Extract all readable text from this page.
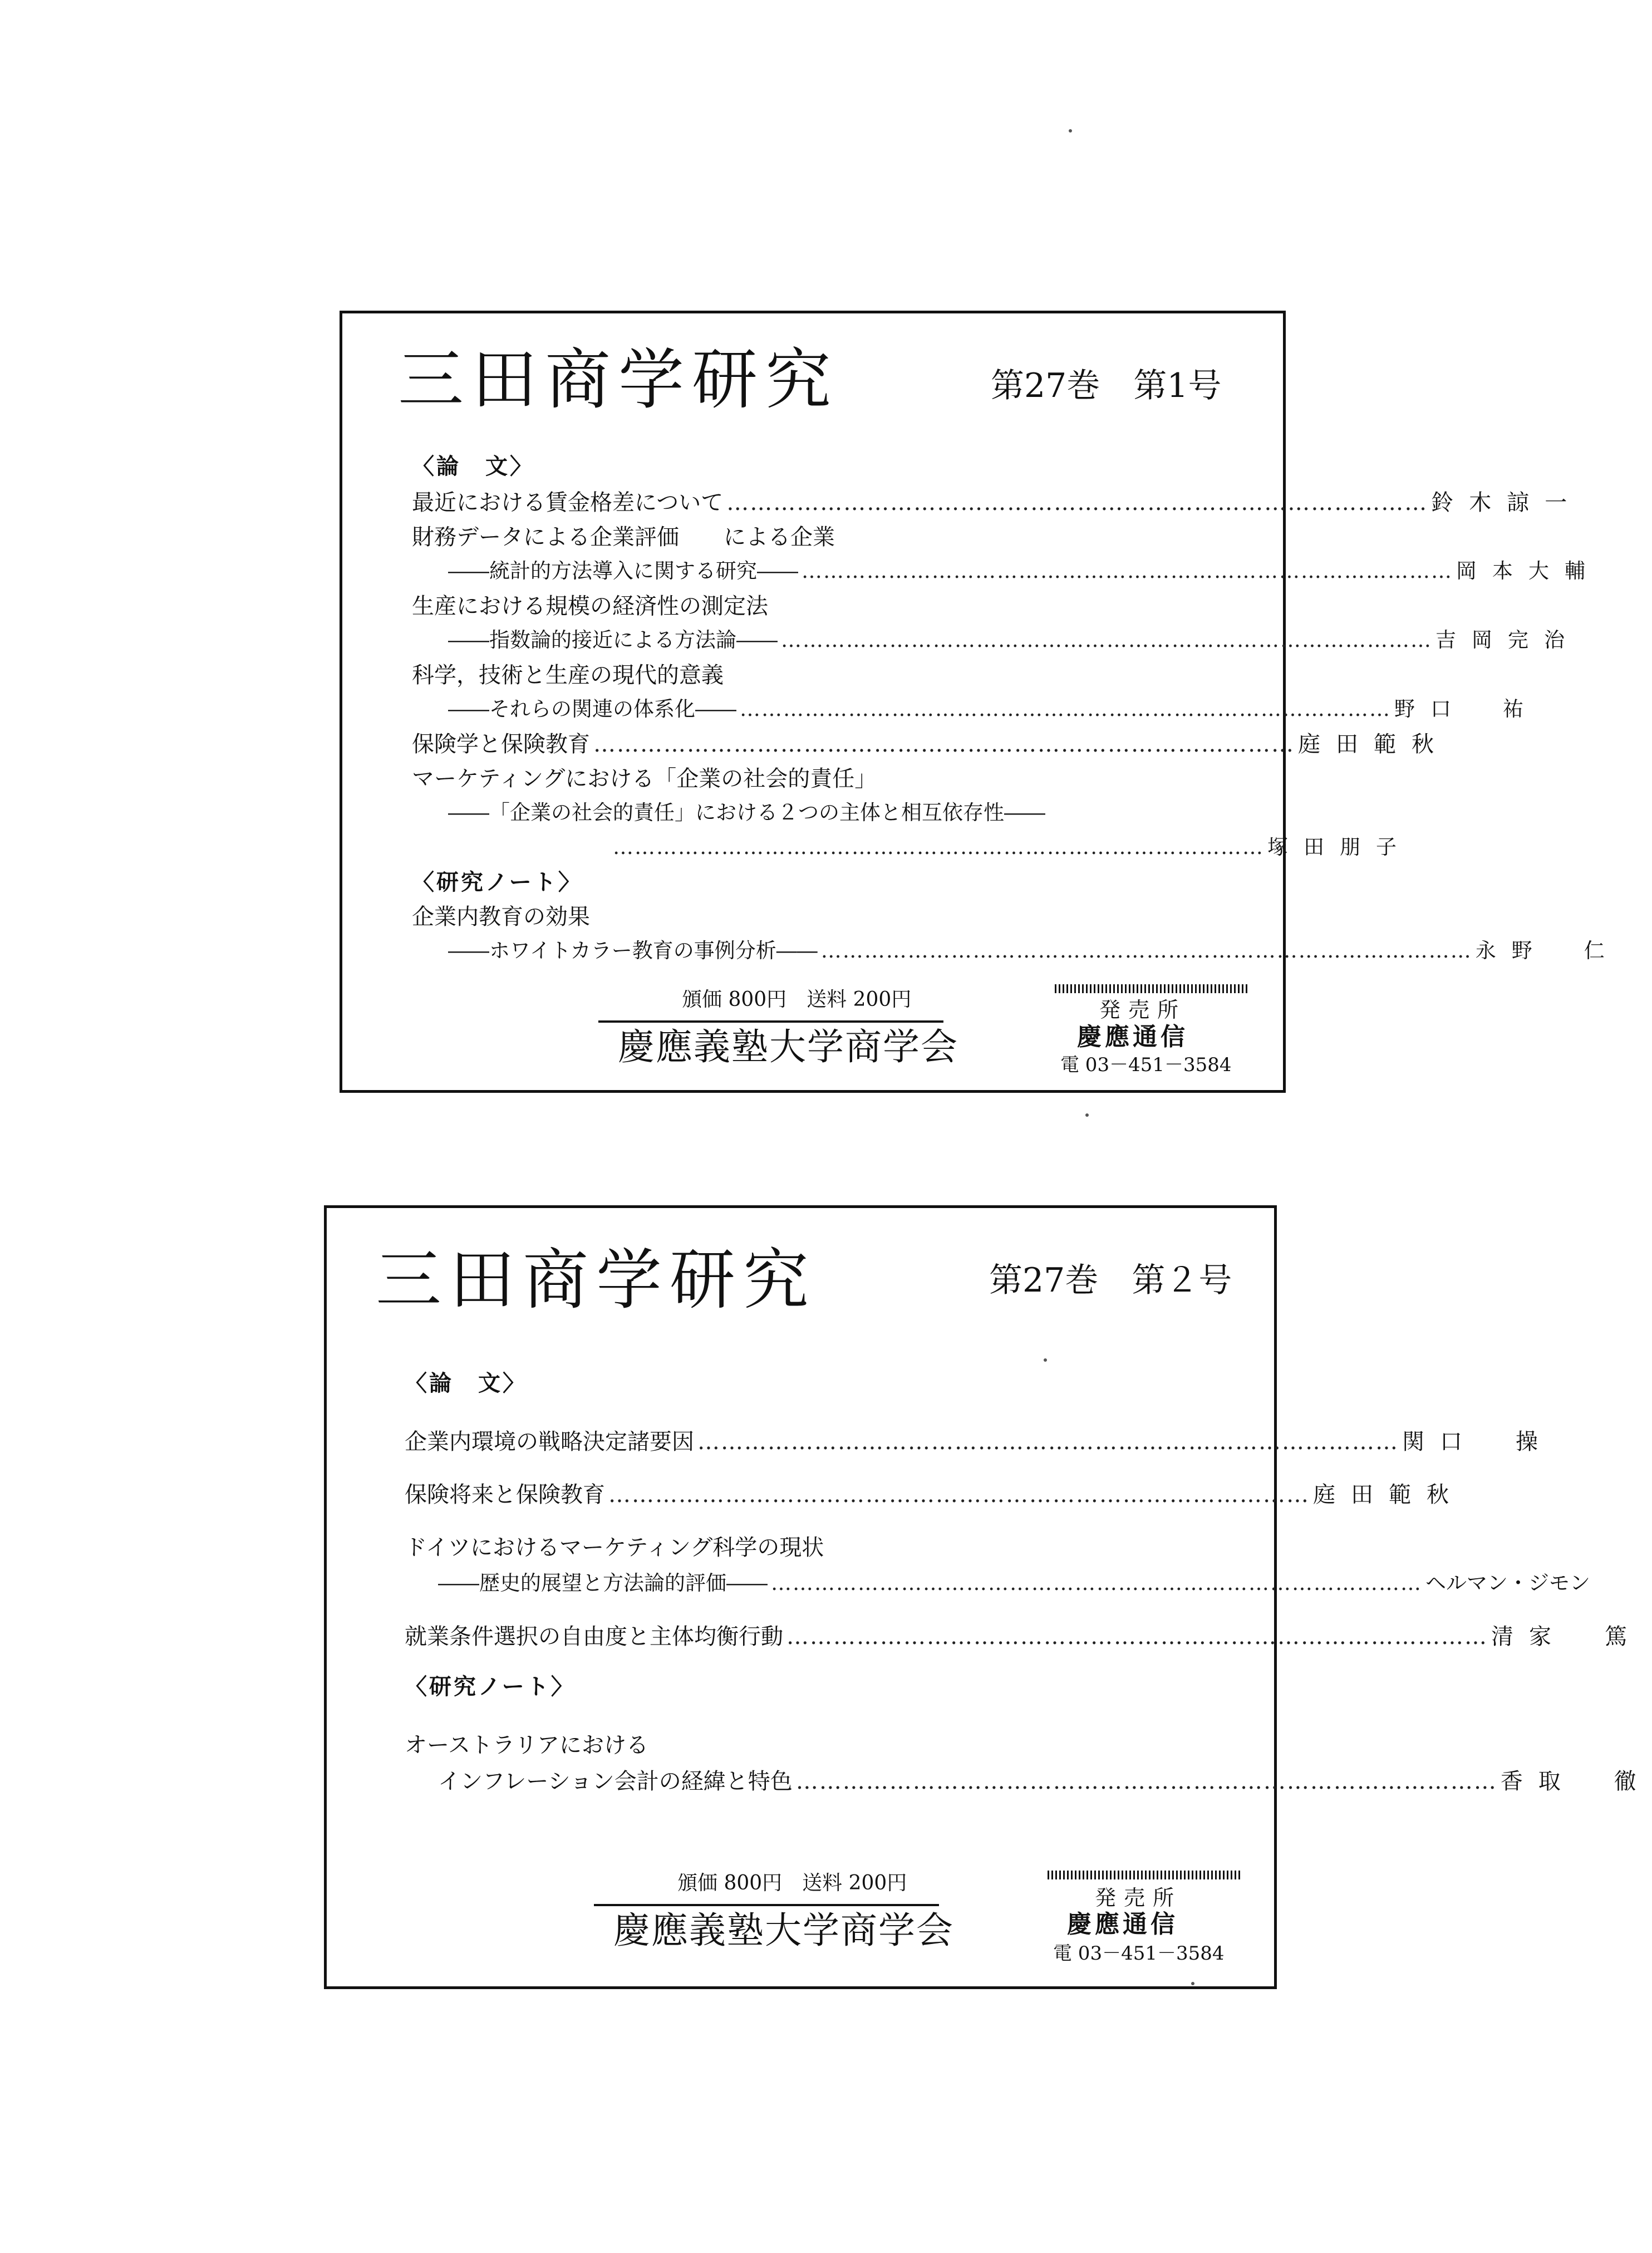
三田商学研究	第27巻　第1号
〈論　文〉
最近における賃金格差について ……………………………………………………………………………… 鈴木諒一
財務データによる企業評価　　による企業
――統計的方法導入に関する研究―― ……………………………………………………………………………… 岡本大輔
生産における規模の経済性の測定法
――指数論的接近による方法論―― ……………………………………………………………………………… 吉岡完治
科学，技術と生産の現代的意義
――それらの関連の体系化―― ……………………………………………………………………………… 野口　祐
保険学と保険教育 ……………………………………………………………………………… 庭田範秋
マーケティングにおける「企業の社会的責任」
――「企業の社会的責任」における２つの主体と相互依存性――
……………………………………………………………………………… 塚田朋子
〈研究ノート〉
企業内教育の効果
――ホワイトカラー教育の事例分析―― ……………………………………………………………………………… 永野　仁
頒価 800円　送料 200円
慶應義塾大学商学会
発売所
慶應通信
電 03－451－3584
三田商学研究	第27巻　第２号
〈論　文〉
企業内環境の戦略決定諸要因 ……………………………………………………………………………… 関口　操
保険将来と保険教育 ……………………………………………………………………………… 庭田範秋
ドイツにおけるマーケティング科学の現状
――歴史的展望と方法論的評価―― ……………………………………………………………………………… ヘルマン・ジモン
就業条件選択の自由度と主体均衡行動 ……………………………………………………………………………… 清家　篤
〈研究ノート〉
オーストラリアにおける
インフレーション会計の経緯と特色 ……………………………………………………………………………… 香取　徹
頒価 800円　送料 200円
慶應義塾大学商学会
発売所
慶應通信
電 03－451－3584
